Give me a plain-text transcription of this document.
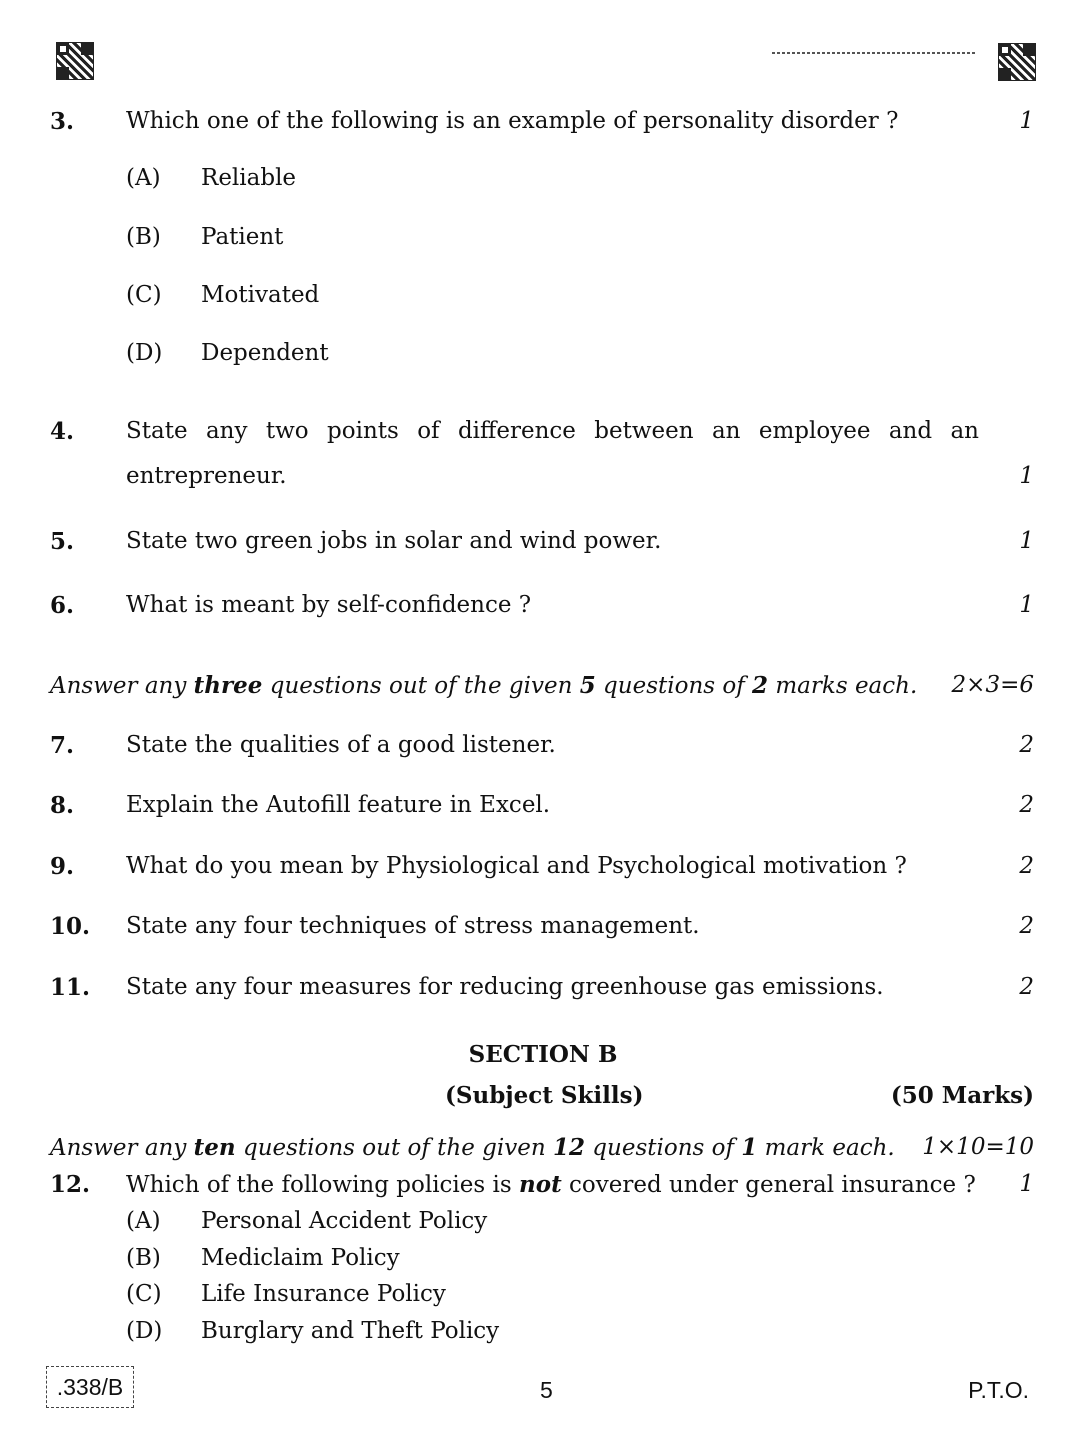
3. Which one of the following is an example of personality disorder ?	1
(A) Reliable
(B) Patient
(C) Motivated
(D) Dependent
4. State any two points of difference between an employee and an
entrepreneur.	1
5. State two green jobs in solar and wind power.	1
6. What is meant by self-confidence ?	1
Answer any three questions out of the given 5 questions of 2 marks each. 2×3=6
7. State the qualities of a good listener.	2
8. Explain the Autofill feature in Excel.	2
9. What do you mean by Physiological and Psychological motivation ?	2
10. State any four techniques of stress management.	2
11. State any four measures for reducing greenhouse gas emissions.	2
SECTION B
(Subject Skills)	(50 Marks)
Answer any ten questions out of the given 12 questions of 1 mark each. 1×10=10
12. Which of the following policies is not covered under general insurance ? 1
(A) Personal Accident Policy
(B) Mediclaim Policy
(C) Life Insurance Policy
(D) Burglary and Theft Policy
.338/B	5	P.T.O.
